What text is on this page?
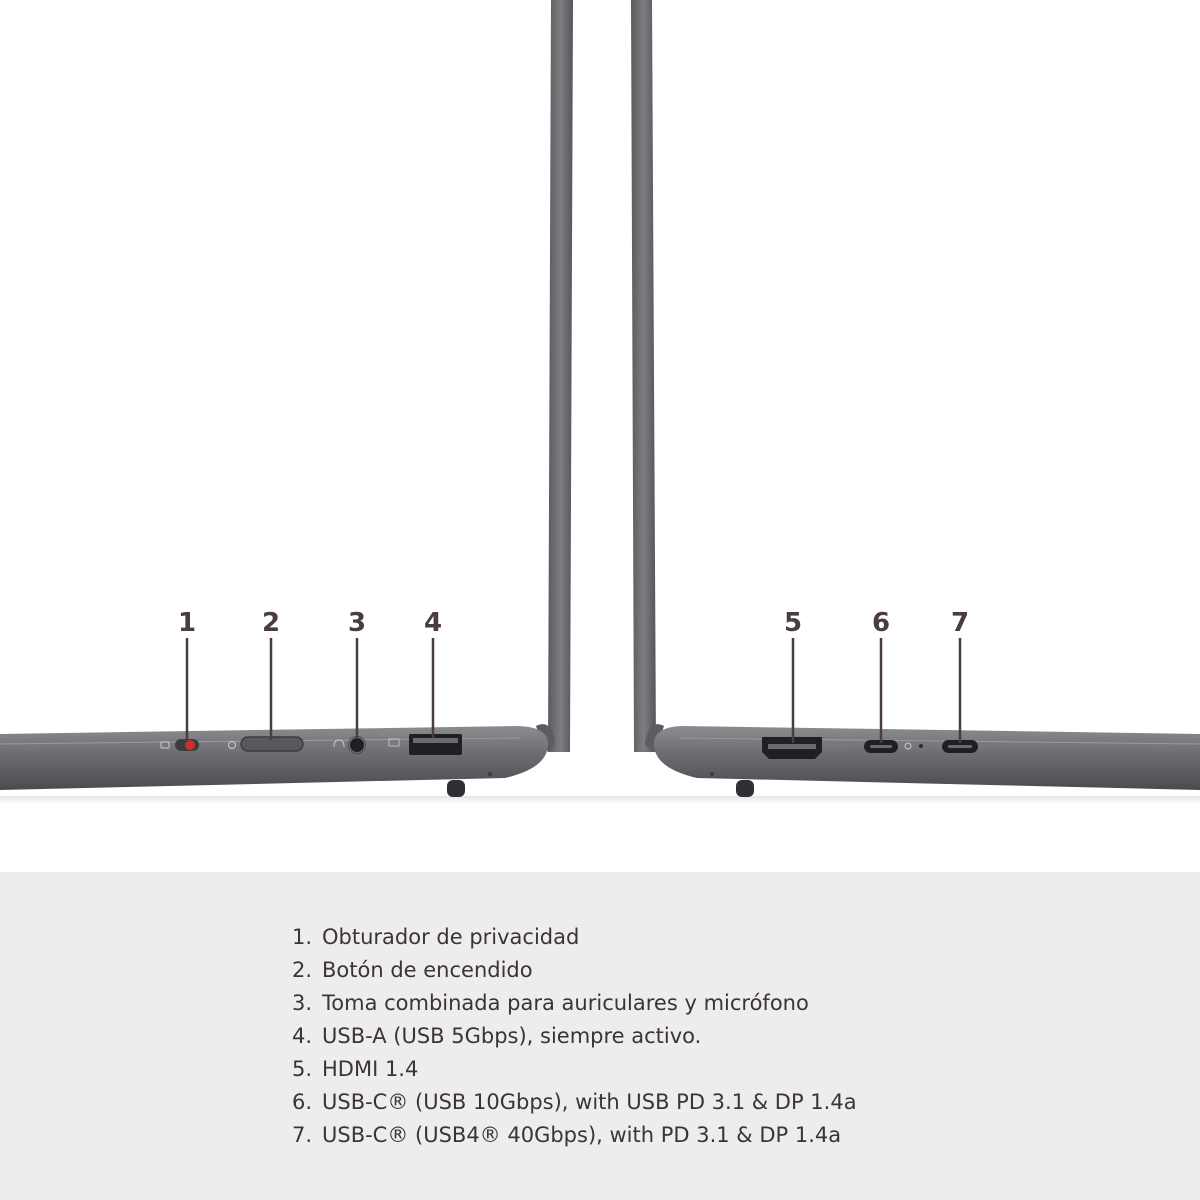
HDMI
1	2	3 4	5	6 7
1. Obturador de privacidad
2. Botón de encendido
3. Toma combinada para auriculares y micrófono
4. USB-A (USB 5Gbps), siempre activo.
5. HDMI 1.4
6. USB-C® (USB 10Gbps), with USB PD 3.1 & DP 1.4a
7. USB-C® (USB4® 40Gbps), with PD 3.1 & DP 1.4a
